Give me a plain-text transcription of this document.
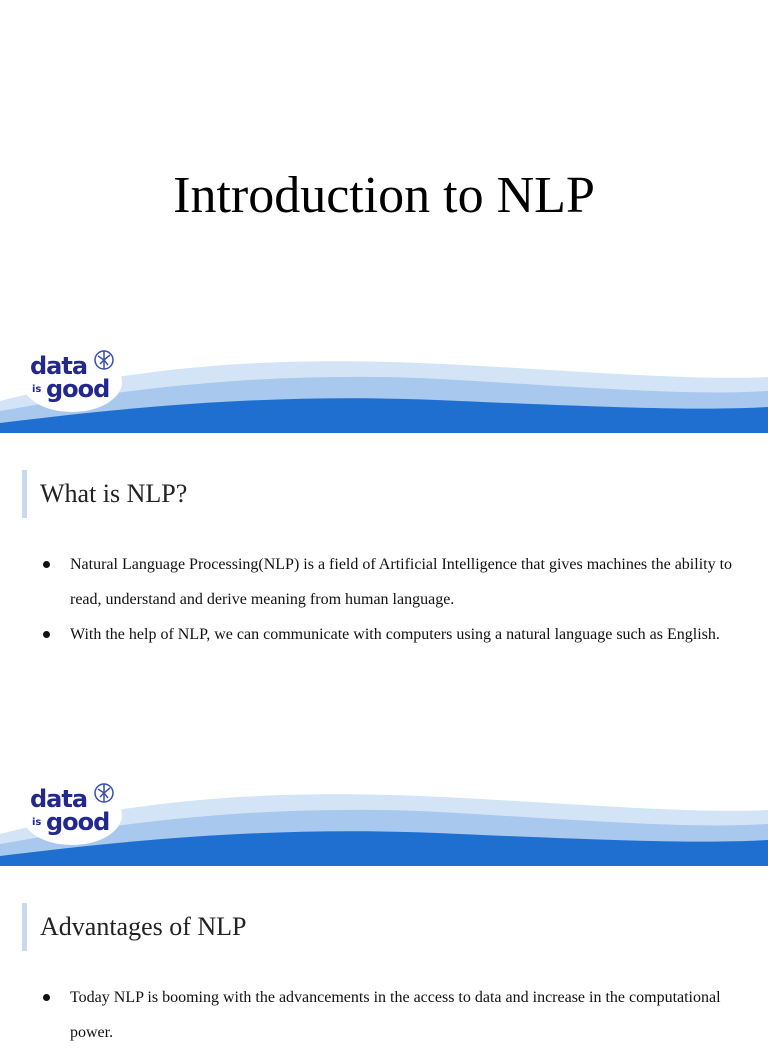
Introduction to NLP
data
is good
What is NLP?
Natural Language Processing(NLP) is a field of Artificial Intelligence that gives machines the ability to read, understand and derive meaning from human language.
With the help of NLP, we can communicate with computers using a natural language such as English.
data
is good
Advantages of NLP
Today NLP is booming with the advancements in the access to data and increase in the computational power.
